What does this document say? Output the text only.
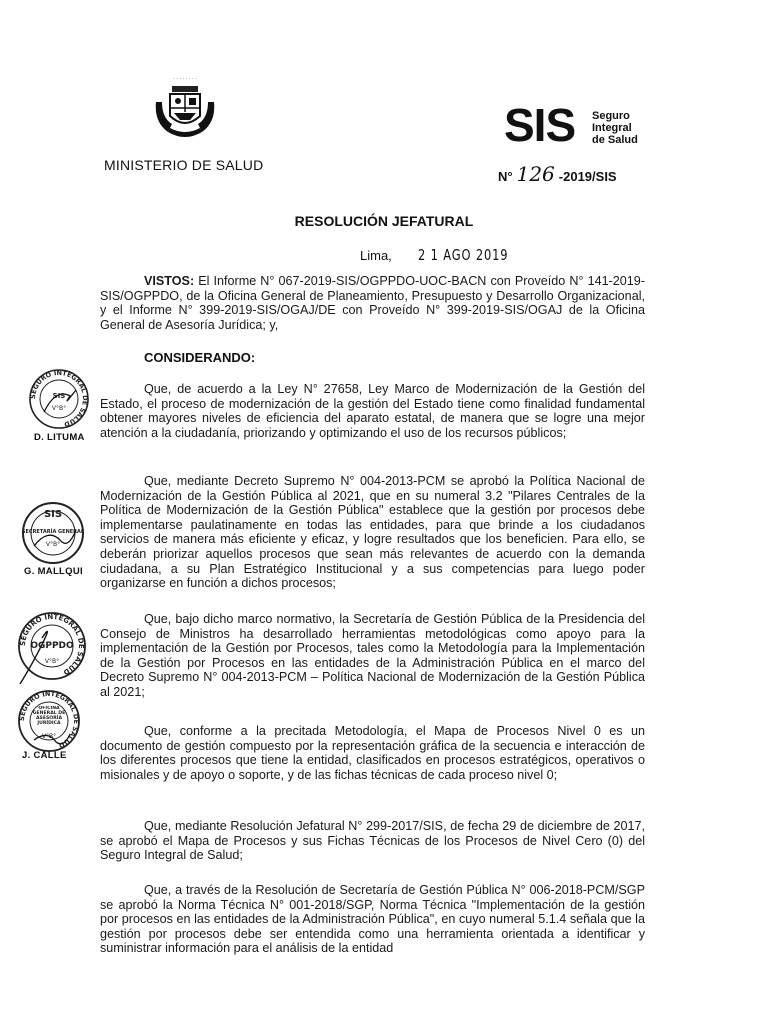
· · · · · · · ·
MINISTERIO DE SALUD
SIS Seguro
Integral
de Salud
N° 126 -2019/SIS
RESOLUCIÓN JEFATURAL
Lima, 2 1 AGO 2019
VISTOS: El Informe N° 067-2019-SIS/OGPPDO-UOC-BACN con Proveído N° 141-2019-SIS/OGPPDO, de la Oficina General de Planeamiento, Presupuesto y Desarrollo Organizacional, y el Informe N° 399-2019-SIS/OGAJ/DE con Proveído N° 399-2019-SIS/OGAJ de la Oficina General de Asesoría Jurídica; y,
CONSIDERANDO:
Que, de acuerdo a la Ley N° 27658, Ley Marco de Modernización de la Gestión del Estado, el proceso de modernización de la gestión del Estado tiene como finalidad fundamental obtener mayores niveles de eficiencia del aparato estatal, de manera que se logre una mejor atención a la ciudadanía, priorizando y optimizando el uso de los recursos públicos;
Que, mediante Decreto Supremo N° 004-2013-PCM se aprobó la Política Nacional de Modernización de la Gestión Pública al 2021, que en su numeral 3.2 "Pilares Centrales de la Política de Modernización de la Gestión Pública" establece que la gestión por procesos debe implementarse paulatinamente en todas las entidades, para que brinde a los ciudadanos servicios de manera más eficiente y eficaz, y logre resultados que los beneficien. Para ello, se deberán priorizar aquellos procesos que sean más relevantes de acuerdo con la demanda ciudadana, a su Plan Estratégico Institucional y a sus competencias para luego poder organizarse en función a dichos procesos;
Que, bajo dicho marco normativo, la Secretaría de Gestión Pública de la Presidencia del Consejo de Ministros ha desarrollado herramientas metodológicas como apoyo para la implementación de la Gestión por Procesos, tales como la Metodología para la Implementación de la Gestión por Procesos en las entidades de la Administración Pública en el marco del Decreto Supremo N° 004-2013-PCM – Política Nacional de Modernización de la Gestión Pública al 2021;
Que, conforme a la precitada Metodología, el Mapa de Procesos Nivel 0 es un documento de gestión compuesto por la representación gráfica de la secuencia e interacción de los diferentes procesos que tiene la entidad, clasificados en procesos estratégicos, operativos o misionales y de apoyo o soporte, y de las fichas técnicas de cada proceso nivel 0;
Que, mediante Resolución Jefatural N° 299-2017/SIS, de fecha 29 de diciembre de 2017, se aprobó el Mapa de Procesos y sus Fichas Técnicas de los Procesos de Nivel Cero (0) del Seguro Integral de Salud;
Que, a través de la Resolución de Secretaría de Gestión Pública N° 006-2018-PCM/SGP se aprobó la Norma Técnica N° 001-2018/SGP, Norma Técnica "Implementación de la gestión por procesos en las entidades de la Administración Pública", en cuyo numeral 5.1.4 señala que la gestión por procesos debe ser entendida como una herramienta orientada a identificar y suministrar información para el análisis de la entidad
SEGURO INTEGRAL DE SALUD
SIS
V°B°
D. LITUMA
SIS
SECRETARÍA GENERAL
V°B°
G. MALLQUI
SEGURO INTEGRAL DE SALUD
OGPPDO
V°B°
SEGURO INTEGRAL DE SALUD
OFICINA GENERAL DE ASESORÍA JURÍDICA
V°B°
J. CALLE
